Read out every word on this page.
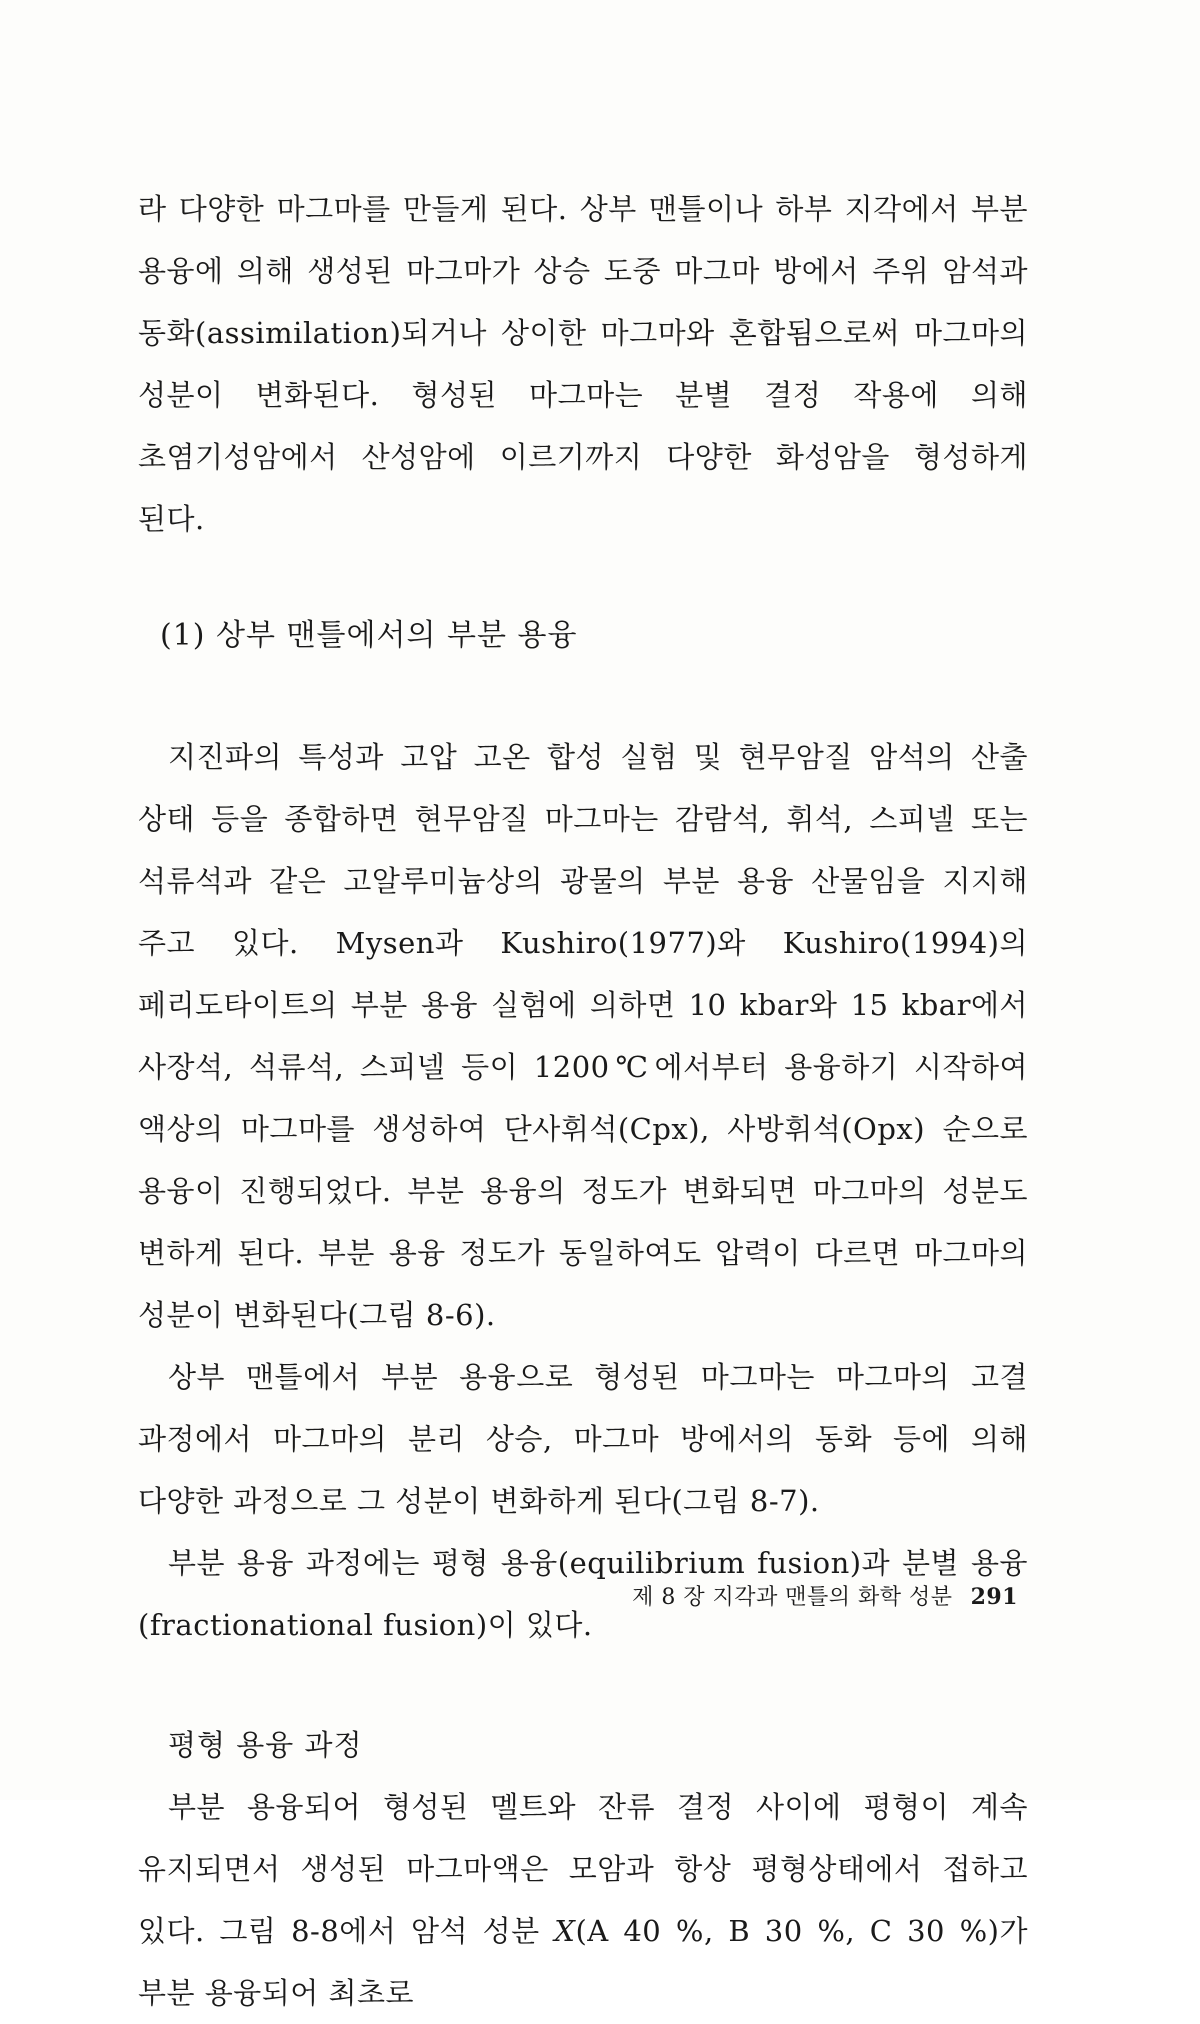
라 다양한 마그마를 만들게 된다. 상부 맨틀이나 하부 지각에서 부분 용융에 의해 생성된 마그마가 상승 도중 마그마 방에서 주위 암석과 동화(assimilation)되거나 상이한 마그마와 혼합됨으로써 마그마의 성분이 변화된다. 형성된 마그마는 분별 결정 작용에 의해 초염기성암에서 산성암에 이르기까지 다양한 화성암을 형성하게 된다.

(1) 상부 맨틀에서의 부분 용융

지진파의 특성과 고압 고온 합성 실험 및 현무암질 암석의 산출 상태 등을 종합하면 현무암질 마그마는 감람석, 휘석, 스피넬 또는 석류석과 같은 고알루미늄상의 광물의 부분 용융 산물임을 지지해 주고 있다. Mysen과 Kushiro(1977)와 Kushiro(1994)의 페리도타이트의 부분 용융 실험에 의하면 10 kbar와 15 kbar에서 사장석, 석류석, 스피넬 등이 1200℃에서부터 용융하기 시작하여 액상의 마그마를 생성하여 단사휘석(Cpx), 사방휘석(Opx) 순으로 용융이 진행되었다. 부분 용융의 정도가 변화되면 마그마의 성분도 변하게 된다. 부분 용융 정도가 동일하여도 압력이 다르면 마그마의 성분이 변화된다(그림 8-6).

상부 맨틀에서 부분 용융으로 형성된 마그마는 마그마의 고결 과정에서 마그마의 분리 상승, 마그마 방에서의 동화 등에 의해 다양한 과정으로 그 성분이 변화하게 된다(그림 8-7).

부분 용융 과정에는 평형 용융(equilibrium fusion)과 분별 용융(fractionational fusion)이 있다.

평형 용융 과정

부분 용융되어 형성된 멜트와 잔류 결정 사이에 평형이 계속 유지되면서 생성된 마그마액은 모암과 항상 평형상태에서 접하고 있다. 그림 8-8에서 암석 성분 X(A 40 %, B 30 %, C 30 %)가 부분 용융되어 최초로

제 8 장 지각과 맨틀의 화학 성분 291
